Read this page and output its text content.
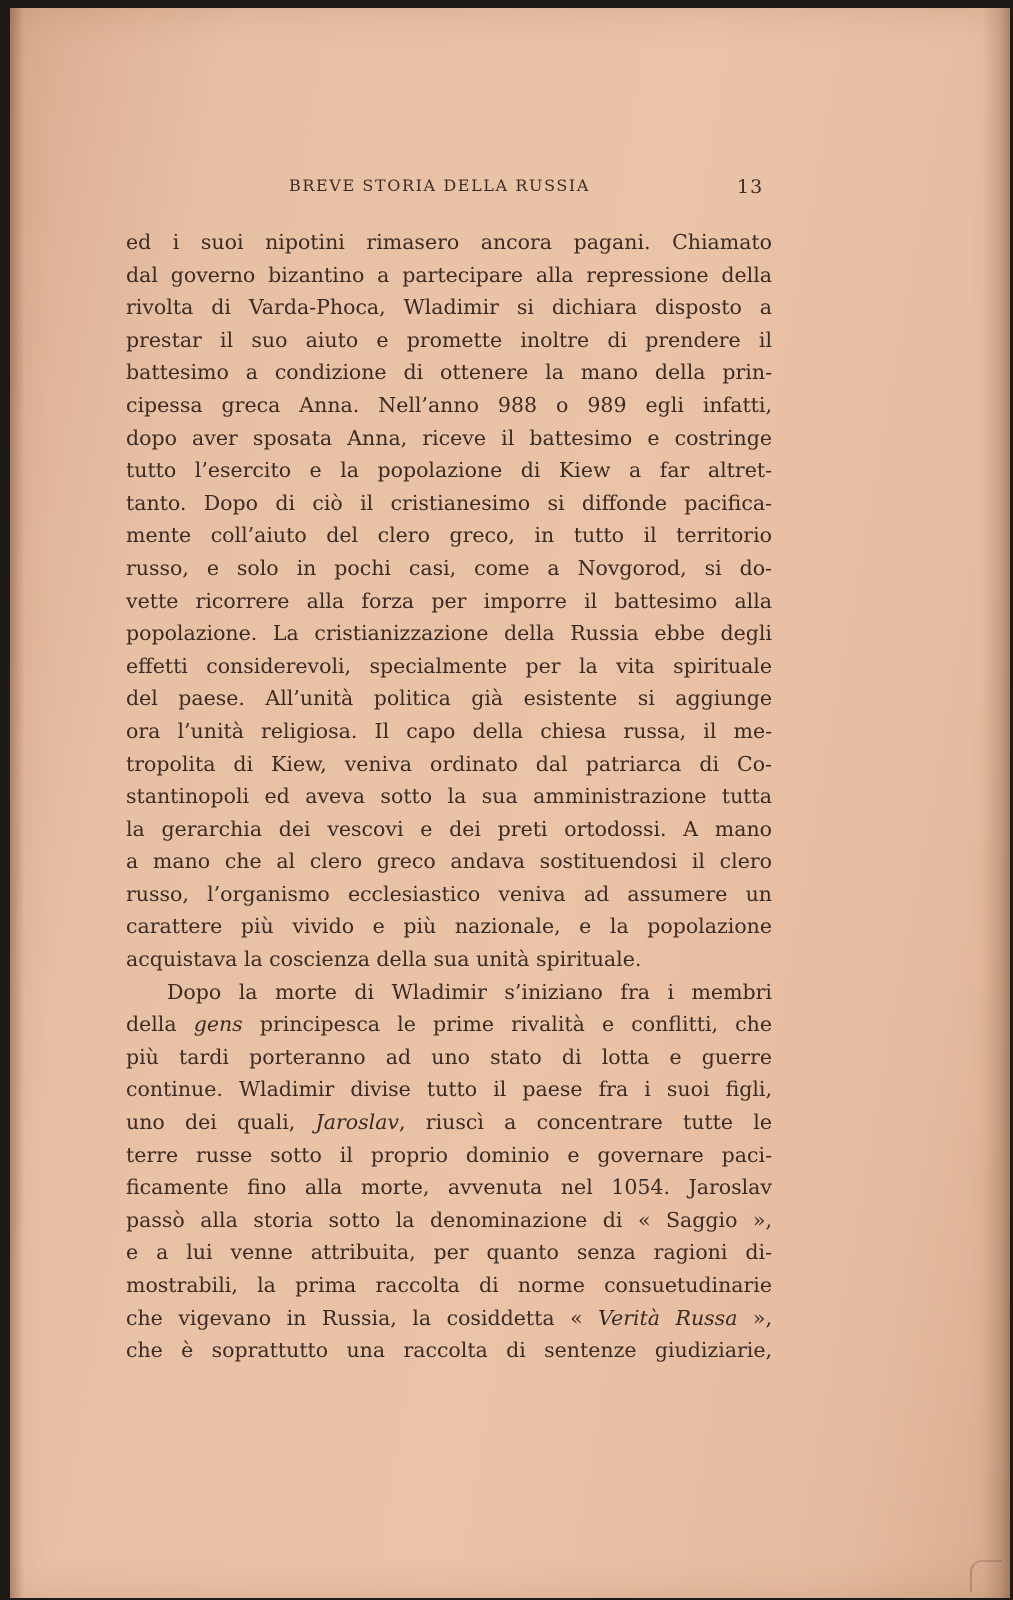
BREVE STORIA DELLA RUSSIA	13
ed i suoi nipotini rimasero ancora pagani. Chiamato
dal governo bizantino a partecipare alla repressione della
rivolta di Varda-Phoca, Wladimir si dichiara disposto a
prestar il suo aiuto e promette inoltre di prendere il
battesimo a condizione di ottenere la mano della prin-
cipessa greca Anna. Nell’anno 988 o 989 egli infatti,
dopo aver sposata Anna, riceve il battesimo e costringe
tutto l’esercito e la popolazione di Kiew a far altret-
tanto. Dopo di ciò il cristianesimo si diffonde pacifica-
mente coll’aiuto del clero greco, in tutto il territorio
russo, e solo in pochi casi, come a Novgorod, si do-
vette ricorrere alla forza per imporre il battesimo alla
popolazione. La cristianizzazione della Russia ebbe degli
effetti considerevoli, specialmente per la vita spirituale
del paese. All’unità politica già esistente si aggiunge
ora l’unità religiosa. Il capo della chiesa russa, il me-
tropolita di Kiew, veniva ordinato dal patriarca di Co-
stantinopoli ed aveva sotto la sua amministrazione tutta
la gerarchia dei vescovi e dei preti ortodossi. A mano
a mano che al clero greco andava sostituendosi il clero
russo, l’organismo ecclesiastico veniva ad assumere un
carattere più vivido e più nazionale, e la popolazione
acquistava la coscienza della sua unità spirituale.
Dopo la morte di Wladimir s’iniziano fra i membri
della gens principesca le prime rivalità e conflitti, che
più tardi porteranno ad uno stato di lotta e guerre
continue. Wladimir divise tutto il paese fra i suoi figli,
uno dei quali, Jaroslav, riuscì a concentrare tutte le
terre russe sotto il proprio dominio e governare paci-
ficamente fino alla morte, avvenuta nel 1054. Jaroslav
passò alla storia sotto la denominazione di « Saggio »,
e a lui venne attribuita, per quanto senza ragioni di-
mostrabili, la prima raccolta di norme consuetudinarie
che vigevano in Russia, la cosiddetta « Verità Russa »,
che è soprattutto una raccolta di sentenze giudiziarie,
